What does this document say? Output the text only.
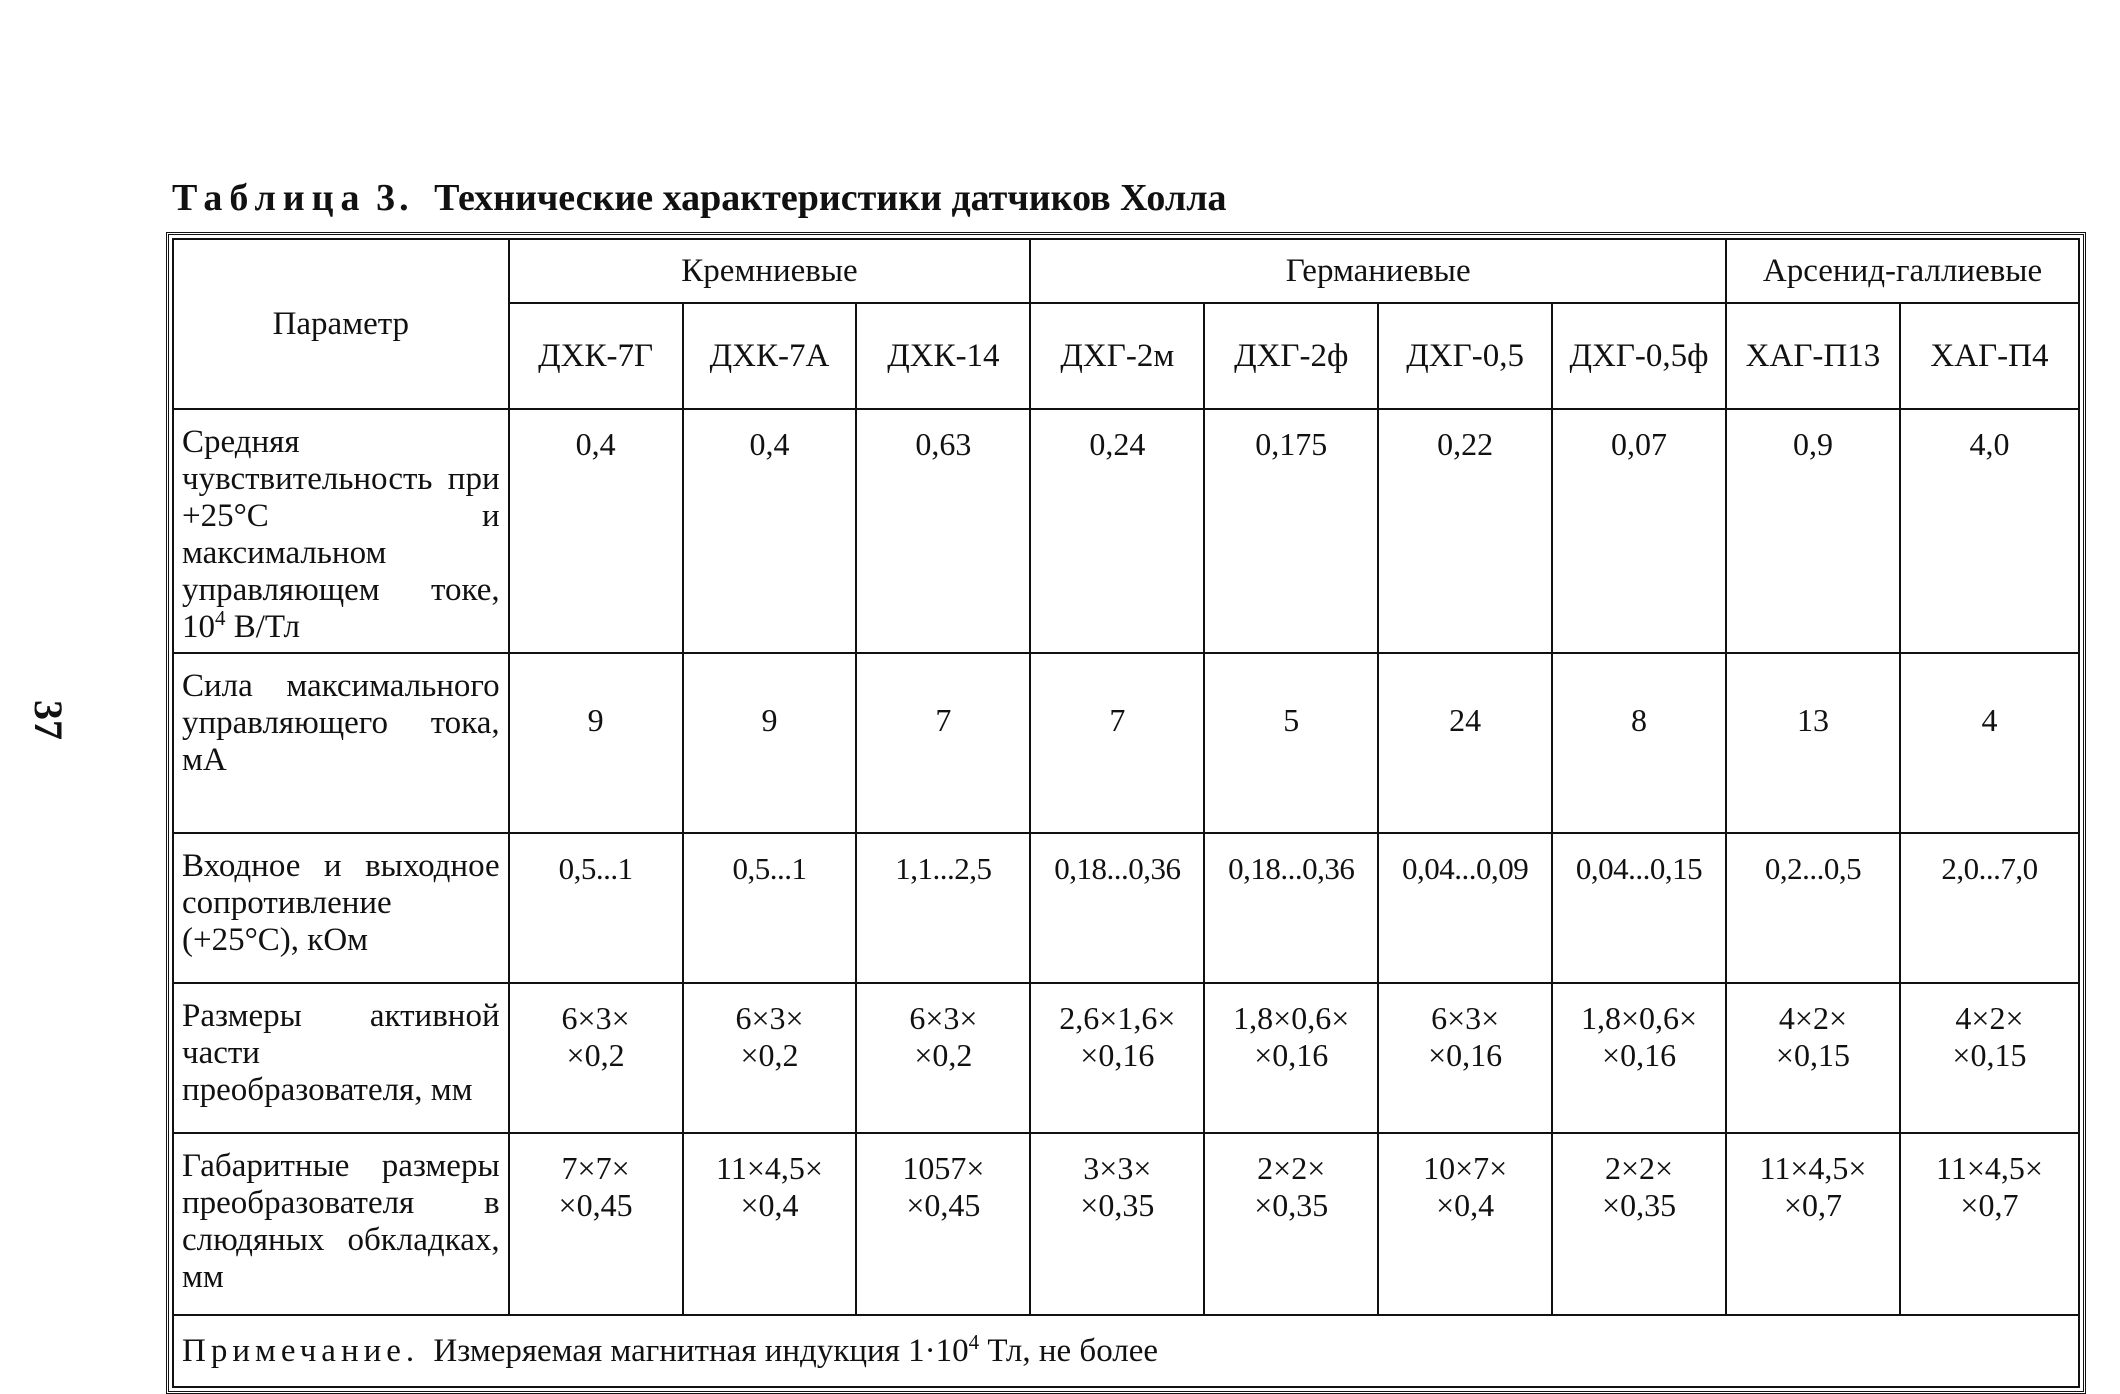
37
Таблица 3. Технические характеристики датчиков Холла
Параметр	Кремниевые			Германиевые				Арсенид-галлиевые	
	ДХК-7Г	ДХК-7А	ДХК-14	ДХГ-2м	ДХГ-2ф	ДХГ-0,5	ДХГ-0,5ф	ХАГ-П13	ХАГ-П4
Средняя чувствительность при +25°С и максимальном управляющем токе, $10^4$ В/Тл	0,4	0,4	0,63	0,24	0,175	0,22	0,07	0,9	4,0

Сила максимального управляющего тока, мА	9	9	7	7	5	24	8	13	4

Входное и выходное сопротивление (+25°С), кОм	0,5...1	0,5...1	1,1...2,5	0,18...0,36	0,18...0,36	0,04...0,09	0,04...0,15	0,2...0,5	2,0...7,0

Размеры активной части преобразователя, мм	6×3×
×0,2	6×3×
×0,2	6×3×
×0,2	2,6×1,6×
×0,16	1,8×0,6×
×0,16	6×3×
×0,16	1,8×0,6×
×0,16	4×2×
×0,15	4×2×
×0,15

Габаритные размеры преобразователя в слюдяных обкладках, мм	7×7×
×0,45	11×4,5×
×0,4	1057×
×0,45	3×3×
×0,35	2×2×
×0,35	10×7×
×0,4	2×2×
×0,35	11×4,5×
×0,7	11×4,5×
×0,7

Примечание. Измеряемая магнитная индукция $1\cdot 10^4$ Тл, не более									
